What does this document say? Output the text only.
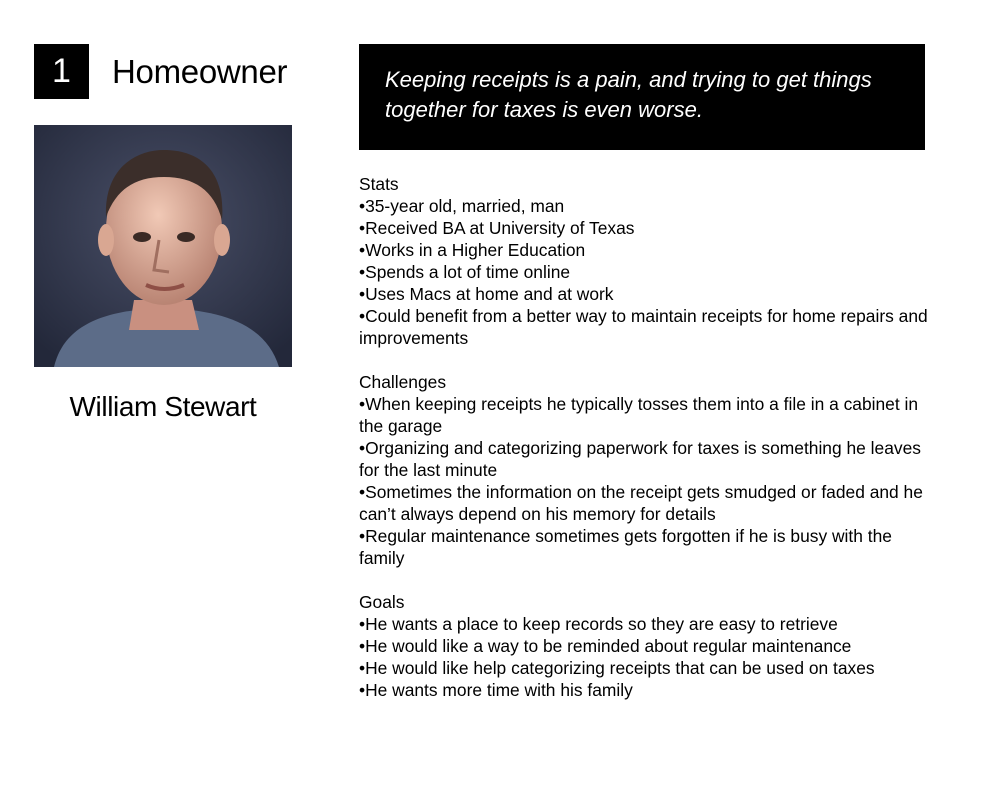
1 Homeowner
William Stewart
Keeping receipts is a pain, and trying to get things together for taxes is even worse.
Stats
• 35-year old, married, man
• Received BA at University of Texas
• Works in a Higher Education
• Spends a lot of time online
• Uses Macs at home and at work
• Could benefit from a better way to maintain receipts for home repairs and improvements
Challenges
• When keeping receipts he typically tosses them into a file in a cabinet in the garage
• Organizing and categorizing paperwork for taxes is something he leaves for the last minute
• Sometimes the information on the receipt gets smudged or faded and he can’t always depend on his memory for details
• Regular maintenance sometimes gets forgotten if he is busy with the family
Goals
• He wants a place to keep records so they are easy to retrieve
• He would like a way to be reminded about regular maintenance
• He would like help categorizing receipts that can be used on taxes
• He wants more time with his family
